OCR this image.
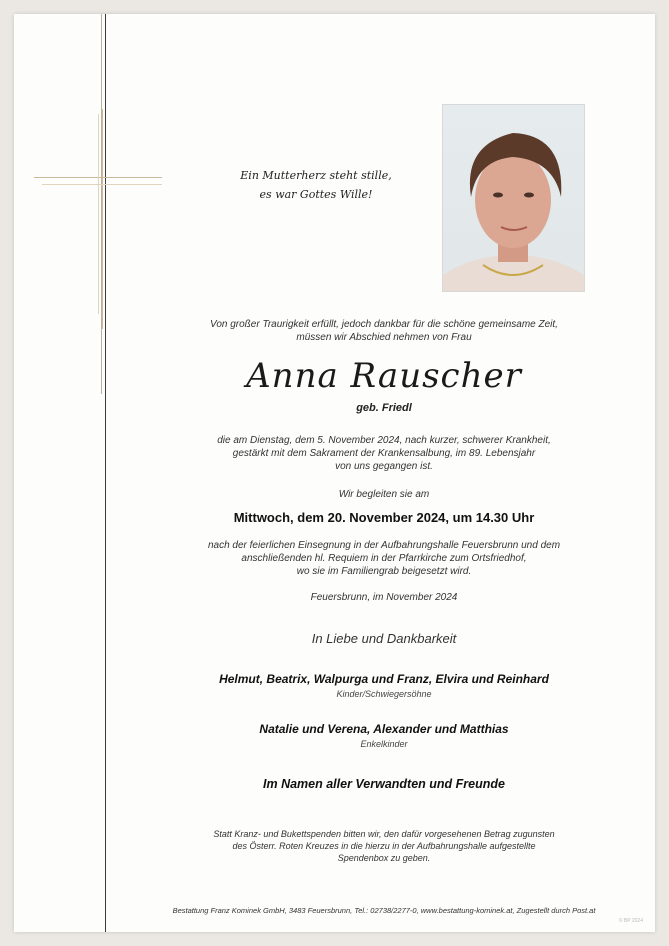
Ein Mutterherz steht stille,
es war Gottes Wille!
Von großer Traurigkeit erfüllt, jedoch dankbar für die schöne gemeinsame Zeit,
müssen wir Abschied nehmen von Frau
Anna Rauscher
geb. Friedl
die am Dienstag, dem 5. November 2024, nach kurzer, schwerer Krankheit,
gestärkt mit dem Sakrament der Krankensalbung, im 89. Lebensjahr
von uns gegangen ist.
Wir begleiten sie am
Mittwoch, dem 20. November 2024, um 14.30 Uhr
nach der feierlichen Einsegnung in der Aufbahrungshalle Feuersbrunn und dem
anschließenden hl. Requiem in der Pfarrkirche zum Ortsfriedhof,
wo sie im Familiengrab beigesetzt wird.
Feuersbrunn, im November 2024
In Liebe und Dankbarkeit
Helmut, Beatrix, Walpurga und Franz, Elvira und Reinhard
Kinder/Schwiegersöhne
Natalie und Verena, Alexander und Matthias
Enkelkinder
Im Namen aller Verwandten und Freunde
Statt Kranz- und Bukettspenden bitten wir, den dafür vorgesehenen Betrag zugunsten
des Österr. Roten Kreuzes in die hierzu in der Aufbahrungshalle aufgestellte
Spendenbox zu geben.
Bestattung Franz Kominek GmbH, 3483 Feuersbrunn, Tel.: 02738/2277-0, www.bestattung-kominek.at, Zugestellt durch Post.at
© BP 2024
